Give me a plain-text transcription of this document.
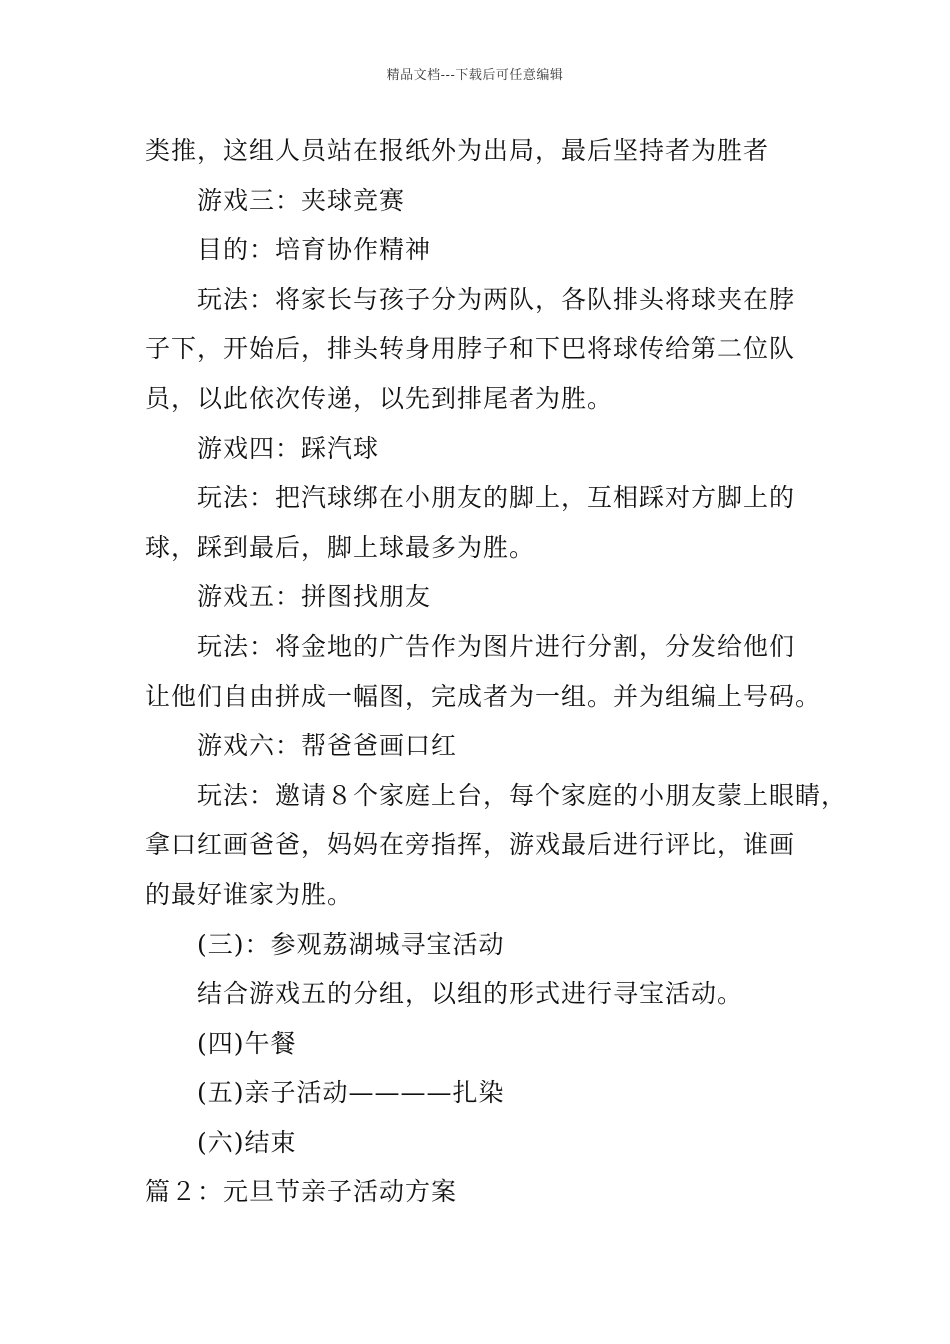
精品文档---下载后可任意编辑
类推，这组人员站在报纸外为出局，最后坚持者为胜者
游戏三：夹球竞赛
目的：培育协作精神
玩法：将家长与孩子分为两队，各队排头将球夹在脖
子下，开始后，排头转身用脖子和下巴将球传给第二位队
员，以此依次传递，以先到排尾者为胜。
游戏四：踩汽球
玩法：把汽球绑在小朋友的脚上，互相踩对方脚上的
球，踩到最后，脚上球最多为胜。
游戏五：拼图找朋友
玩法：将金地的广告作为图片进行分割，分发给他们
让他们自由拼成一幅图，完成者为一组。并为组编上号码。
游戏六：帮爸爸画口红
玩法：邀请８个家庭上台，每个家庭的小朋友蒙上眼睛，
拿口红画爸爸，妈妈在旁指挥，游戏最后进行评比，谁画
的最好谁家为胜。
(三)：参观荔湖城寻宝活动
结合游戏五的分组，以组的形式进行寻宝活动。
(四)午餐
(五)亲子活动————扎染
(六)结束
篇２：元旦节亲子活动方案
